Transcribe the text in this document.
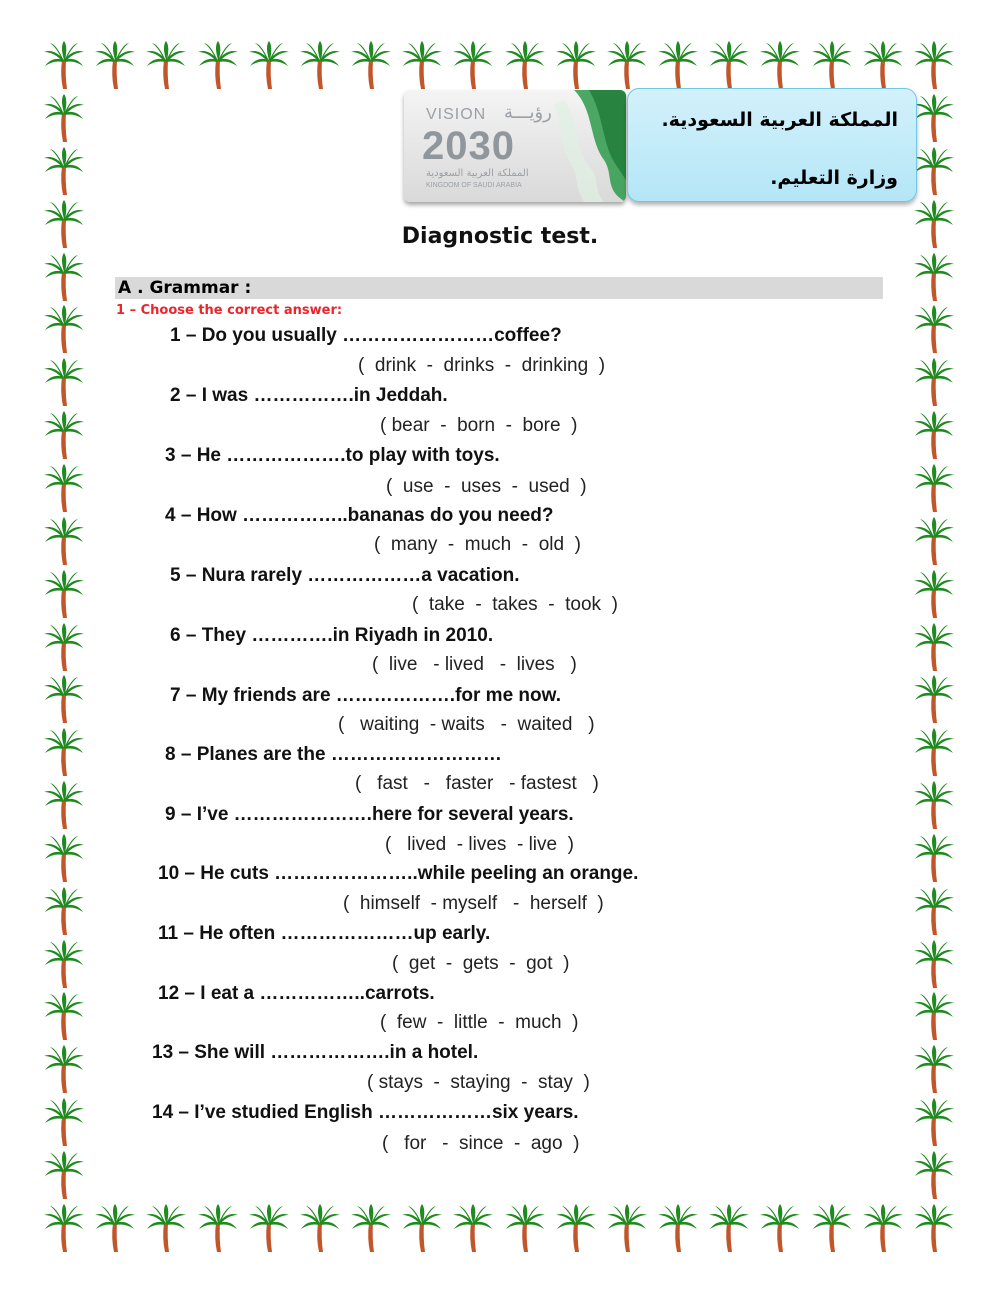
VISION رؤيـــة
2030
المملكة العربية السعودية
KINGDOM OF SAUDI ARABIA
المملكة العربية السعودية.
وزارة التعليم.
Diagnostic test.
A . Grammar :
1 – Choose the correct answer:
1 – Do you usually ……………………coffee?
(  drink  -  drinks  -  drinking  )
2 – I was …………….in Jeddah.
( bear  -  born  -  bore  )
3 – He ……………….to play with toys.
(  use  -  uses  -  used  )
4 – How ……………..bananas do you need?
(  many  -  much  -  old  )
5 – Nura rarely ………………a vacation.
(  take  -  takes  -  took  )
6 – They ………….in Riyadh in 2010.
(  live   - lived   -  lives   )
7 – My friends are ……………….for me now.
(   waiting  - waits   -  waited   )
8 – Planes are the ………………………
(   fast   -   faster   - fastest   )
9 – I’ve ………………….here for several years.
(   lived  - lives  - live  )
10 – He cuts …………………..while peeling an orange.
(  himself  - myself   -  herself  )
11 – He often …………………up early.
(  get  -  gets  -  got  )
12 – I eat a ……………..carrots.
(  few  -  little  -  much  )
13 – She will ……………….in a hotel.
( stays  -  staying  -  stay  )
14 – I’ve studied English ………………six years.
(   for   -  since  -  ago  )
